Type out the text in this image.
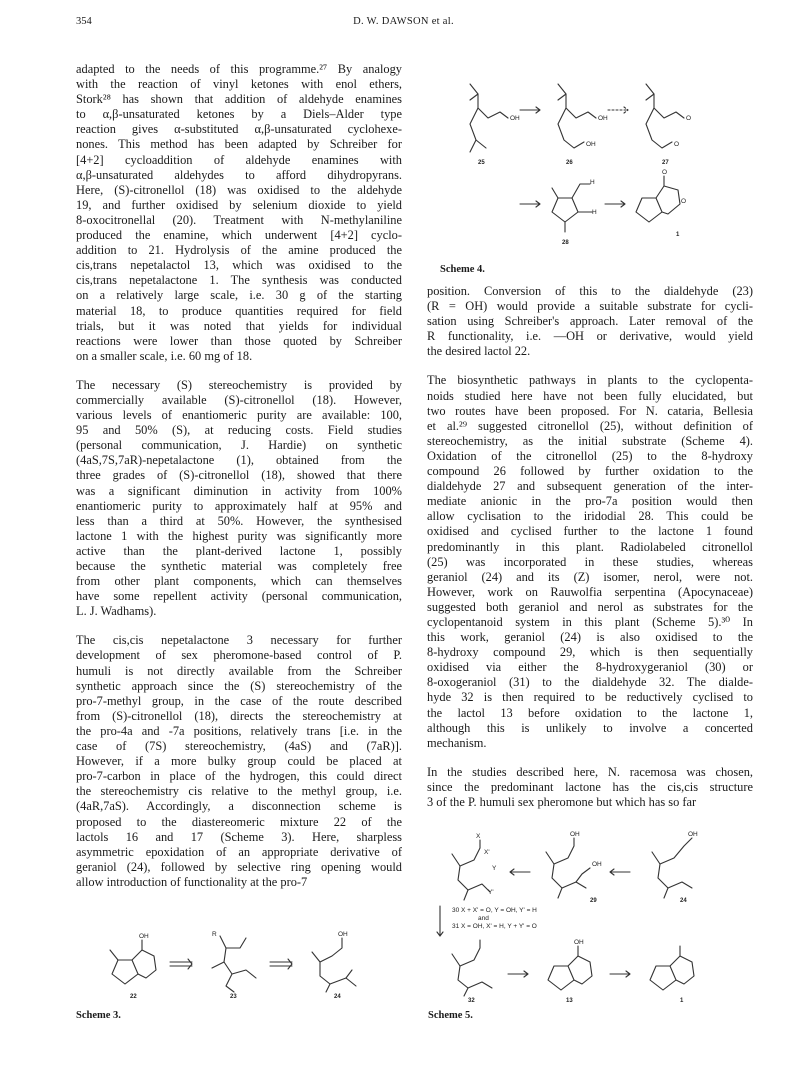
354	D. W. DAWSON et al.

adapted to the needs of this programme.²⁷ By analogy
with the reaction of vinyl ketones with enol ethers,
Stork²⁸ has shown that addition of aldehyde enamines
to α,β-unsaturated ketones by a Diels–Alder type
reaction gives α-substituted α,β-unsaturated cyclohexe-
nones. This method has been adapted by Schreiber for
[4+2] cycloaddition of aldehyde enamines with
α,β-unsaturated aldehydes to afford dihydropyrans.
Here, (S)-citronellol (18) was oxidised to the aldehyde
19, and further oxidised by selenium dioxide to yield
8-oxocitronellal (20). Treatment with N-methylaniline
produced the enamine, which underwent [4+2] cyclo-
addition to 21. Hydrolysis of the amine produced the
cis,trans nepetalactol 13, which was oxidised to the
cis,trans nepetalactone 1. The synthesis was conducted
on a relatively large scale, i.e. 30 g of the starting
material 18, to produce quantities required for field
trials, but it was noted that yields for individual
reactions were lower than those quoted by Schreiber
on a smaller scale, i.e. 60 mg of 18.

The necessary (S) stereochemistry is provided by
commercially available (S)-citronellol (18). However,
various levels of enantiomeric purity are available: 100,
95 and 50% (S), at reducing costs. Field studies
(personal communication, J. Hardie) on synthetic
(4aS,7S,7aR)-nepetalactone (1), obtained from the
three grades of (S)-citronellol (18), showed that there
was a significant diminution in activity from 100%
enantiomeric purity to approximately half at 95% and
less than a third at 50%. However, the synthesised
lactone 1 with the highest purity was significantly more
active than the plant-derived lactone 1, possibly
because the synthetic material was completely free
from other plant components, which can themselves
have some repellent activity (personal communication,
L. J. Wadhams).

The cis,cis nepetalactone 3 necessary for further
development of sex pheromone-based control of P.
humuli is not directly available from the Schreiber
synthetic approach since the (S) stereochemistry of the
pro-7-methyl group, in the case of the route described
from (S)-citronellol (18), directs the stereochemistry at
the pro-4a and -7a positions, relatively trans [i.e. in the
case of (7S) stereochemistry, (4aS) and (7aR)].
However, if a more bulky group could be placed at
pro-7-carbon in place of the hydrogen, this could direct
the stereochemistry cis relative to the methyl group, i.e.
(4aR,7aS). Accordingly, a disconnection scheme is
proposed to the diastereomeric mixture 22 of the
lactols 16 and 17 (Scheme 3). Here, sharpless
asymmetric epoxidation of an appropriate derivative of
geraniol (24), followed by selective ring opening would
allow introduction of functionality at the pro-7

position. Conversion of this to the dialdehyde (23)
(R = OH) would provide a suitable substrate for cycli-
sation using Schreiber's approach. Later removal of the
R functionality, i.e. —OH or derivative, would yield
the desired lactol 22.

The biosynthetic pathways in plants to the cyclopenta-
noids studied here have not been fully elucidated, but
two routes have been proposed. For N. cataria, Bellesia
et al.²⁹ suggested citronellol (25), without definition of
stereochemistry, as the initial substrate (Scheme 4).
Oxidation of the citronellol (25) to the 8-hydroxy
compound 26 followed by further oxidation to the
dialdehyde 27 and subsequent generation of the inter-
mediate anionic in the pro-7a position would then
allow cyclisation to the iridodial 28. This could be
oxidised and cyclised further to the lactone 1 found
predominantly in this plant. Radiolabeled citronellol
(25) was incorporated in these studies, whereas
geraniol (24) and its (Z) isomer, nerol, were not.
However, work on Rauwolfia serpentina (Apocynaceae)
suggested both geraniol and nerol as substrates for the
cyclopentanoid system in this plant (Scheme 5).³⁰ In
this work, geraniol (24) is also oxidised to the
8-hydroxy compound 29, which is then sequentially
oxidised via either the 8-hydroxygeraniol (30) or
8-oxogeraniol (31) to the dialdehyde 32. The dialde-
hyde 32 is then required to be reductively cyclised to
the lactol 13 before oxidation to the lactone 1,
although this is unlikely to involve a concerted
mechanism.

In the studies described here, N. racemosa was chosen,
since the predominant lactone has the cis,cis structure
3 of the P. humuli sex pheromone but which has so far

OH
25
OH
OH
26
O
O
27
H
H
28
O
O
1
Scheme 4.
OH
22
R
23
OH
24
Scheme 3.
X
X'
Y
Y'
OH
OH
29
OH
24
30 X + X' = O, Y = OH, Y' = H
and
31 X = OH, X' = H, Y + Y' = O
32
OH
13	1
Scheme 5.
